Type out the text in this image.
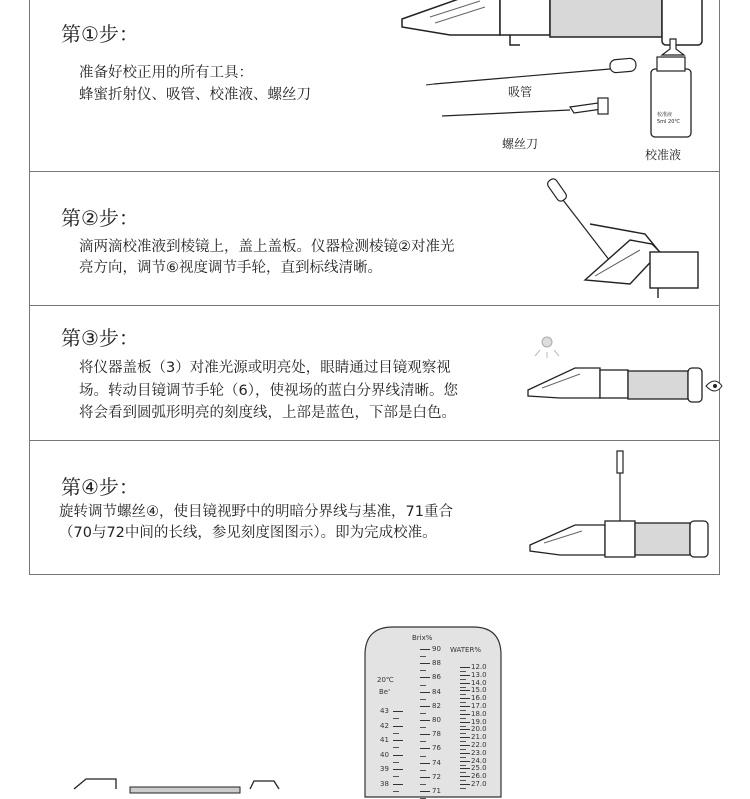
第①步：
准备好校正用的所有工具：
蜂蜜折射仪、吸管、校准液、螺丝刀	吸管
螺丝刀
校准液
校准液
5ml 20℃
第②步：
滴两滴校准液到棱镜上，盖上盖板。仪器检测棱镜②对准光
亮方向，调节⑥视度调节手轮，直到标线清晰。
第③步：
将仪器盖板（3）对准光源或明亮处，眼睛通过目镜观察视
场。转动目镜调节手轮（6），使视场的蓝白分界线清晰。您
将会看到圆弧形明亮的刻度线，上部是蓝色，下部是白色。
第④步：
旋转调节螺丝④，使目镜视野中的明暗分界线与基准，71重合
（70与72中间的长线，参见刻度图图示）。即为完成校准。
Brix%
WATER%
20℃
Be'
90
88
86
84
82
80
78
76
74
72
71
12.0
13.0
14.0
15.0
16.0
17.0
18.0
19.0
20.0
21.0
22.0
23.0
24.0
25.0
26.0
27.0
43
42
41
40
39
38
